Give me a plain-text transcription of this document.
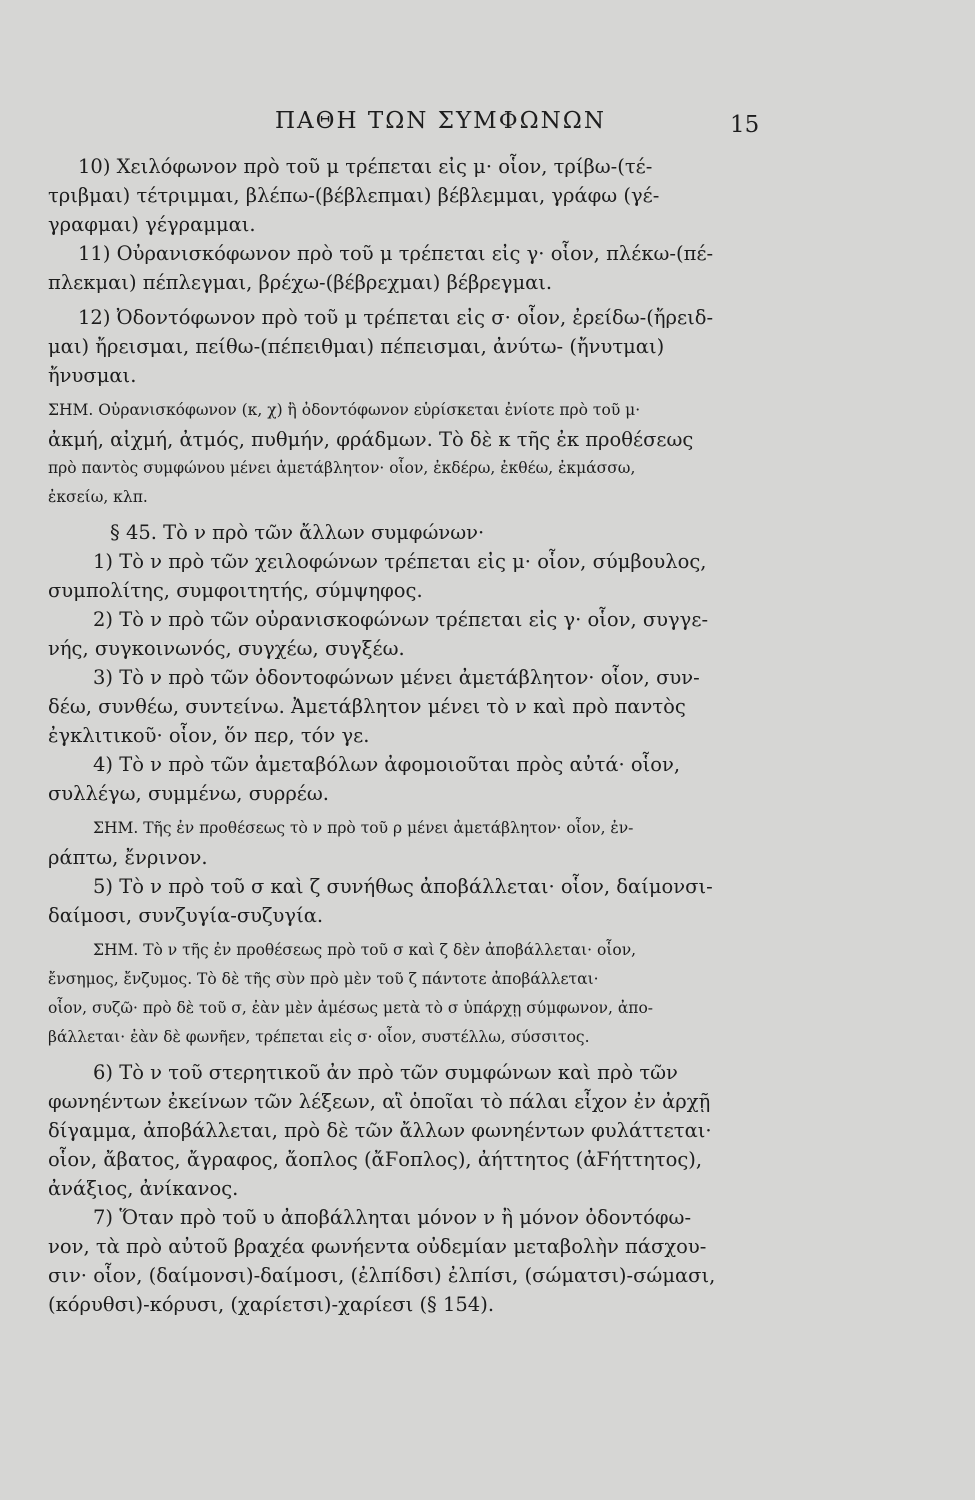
ΠΑΘΗ ΤΩΝ ΣΥΜΦΩΝΩΝ	15
10) Χειλόφωνον πρὸ τοῦ μ τρέπεται εἰς μ· οἷον, τρίβω-(τέ-
τριβμαι) τέτριμμαι, βλέπω-(βέβλεπμαι) βέβλεμμαι, γράφω (γέ-
γραφμαι) γέγραμμαι.
11) Οὐρανισκόφωνον πρὸ τοῦ μ τρέπεται εἰς γ· οἷον, πλέκω-(πέ-
πλεκμαι) πέπλεγμαι, βρέχω-(βέβρεχμαι) βέβρεγμαι.
12) Ὀδοντόφωνον πρὸ τοῦ μ τρέπεται εἰς σ· οἷον, ἐρείδω-(ἤρειδ-
μαι) ἤρεισμαι, πείθω-(πέπειθμαι) πέπεισμαι, ἀνύτω- (ἤνυτμαι)
ἤνυσμαι.
ΣΗΜ. Οὐρανισκόφωνον (κ, χ) ἢ ὀδοντόφωνον εὑρίσκεται ἐνίοτε πρὸ τοῦ μ·
ἀκμή, αἰχμή, ἀτμός, πυθμήν, φράδμων. Τὸ δὲ κ τῆς ἐκ προθέσεως
πρὸ παντὸς συμφώνου μένει ἀμετάβλητον· οἷον, ἐκδέρω, ἐκθέω, ἐκμάσσω,
ἐκσείω, κλπ.
§ 45. Τὸ ν πρὸ τῶν ἄλλων συμφώνων·
1) Τὸ ν πρὸ τῶν χειλοφώνων τρέπεται εἰς μ· οἷον, σύμβουλος,
συμπολίτης, συμφοιτητής, σύμψηφος.
2) Τὸ ν πρὸ τῶν οὐρανισκοφώνων τρέπεται εἰς γ· οἷον, συγγε-
νής, συγκοινωνός, συγχέω, συγξέω.
3) Τὸ ν πρὸ τῶν ὀδοντοφώνων μένει ἀμετάβλητον· οἷον, συν-
δέω, συνθέω, συντείνω. Ἀμετάβλητον μένει τὸ ν καὶ πρὸ παντὸς
ἐγκλιτικοῦ· οἷον, ὅν περ, τόν γε.
4) Τὸ ν πρὸ τῶν ἀμεταβόλων ἀφομοιοῦται πρὸς αὐτά· οἷον,
συλλέγω, συμμένω, συρρέω.
ΣΗΜ. Τῆς ἐν προθέσεως τὸ ν πρὸ τοῦ ρ μένει ἀμετάβλητον· οἷον, ἐν-
ράπτω, ἔνρινον.
5) Τὸ ν πρὸ τοῦ σ καὶ ζ συνήθως ἀποβάλλεται· οἷον, δαίμονσι-
δαίμοσι, συνζυγία-συζυγία.
ΣΗΜ. Τὸ ν τῆς ἐν προθέσεως πρὸ τοῦ σ καὶ ζ δὲν ἀποβάλλεται· οἷον,
ἔνσημος, ἔνζυμος. Τὸ δὲ τῆς σὺν πρὸ μὲν τοῦ ζ πάντοτε ἀποβάλλεται·
οἷον, συζῶ· πρὸ δὲ τοῦ σ, ἐὰν μὲν ἀμέσως μετὰ τὸ σ ὑπάρχῃ σύμφωνον, ἀπο-
βάλλεται· ἐὰν δὲ φωνῆεν, τρέπεται εἰς σ· οἷον, συστέλλω, σύσσιτος.
6) Τὸ ν τοῦ στερητικοῦ ἀν πρὸ τῶν συμφώνων καὶ πρὸ τῶν
φωνηέντων ἐκείνων τῶν λέξεων, αἳ ὁποῖαι τὸ πάλαι εἶχον ἐν ἀρχῇ
δίγαμμα, ἀποβάλλεται, πρὸ δὲ τῶν ἄλλων φωνηέντων φυλάττεται·
οἷον, ἄβατος, ἄγραφος, ἄοπλος (ἄϜοπλος), ἀήττητος (ἀϜήττητος),
ἀνάξιος, ἀνίκανος.
7) Ὅταν πρὸ τοῦ υ ἀποβάλληται μόνον ν ἢ μόνον ὀδοντόφω-
νον, τὰ πρὸ αὐτοῦ βραχέα φωνήεντα οὐδεμίαν μεταβολὴν πάσχου-
σιν· οἷον, (δαίμονσι)-δαίμοσι, (ἐλπίδσι) ἐλπίσι, (σώματσι)-σώμασι,
(κόρυθσι)-κόρυσι, (χαρίετσι)-χαρίεσι (§ 154).
